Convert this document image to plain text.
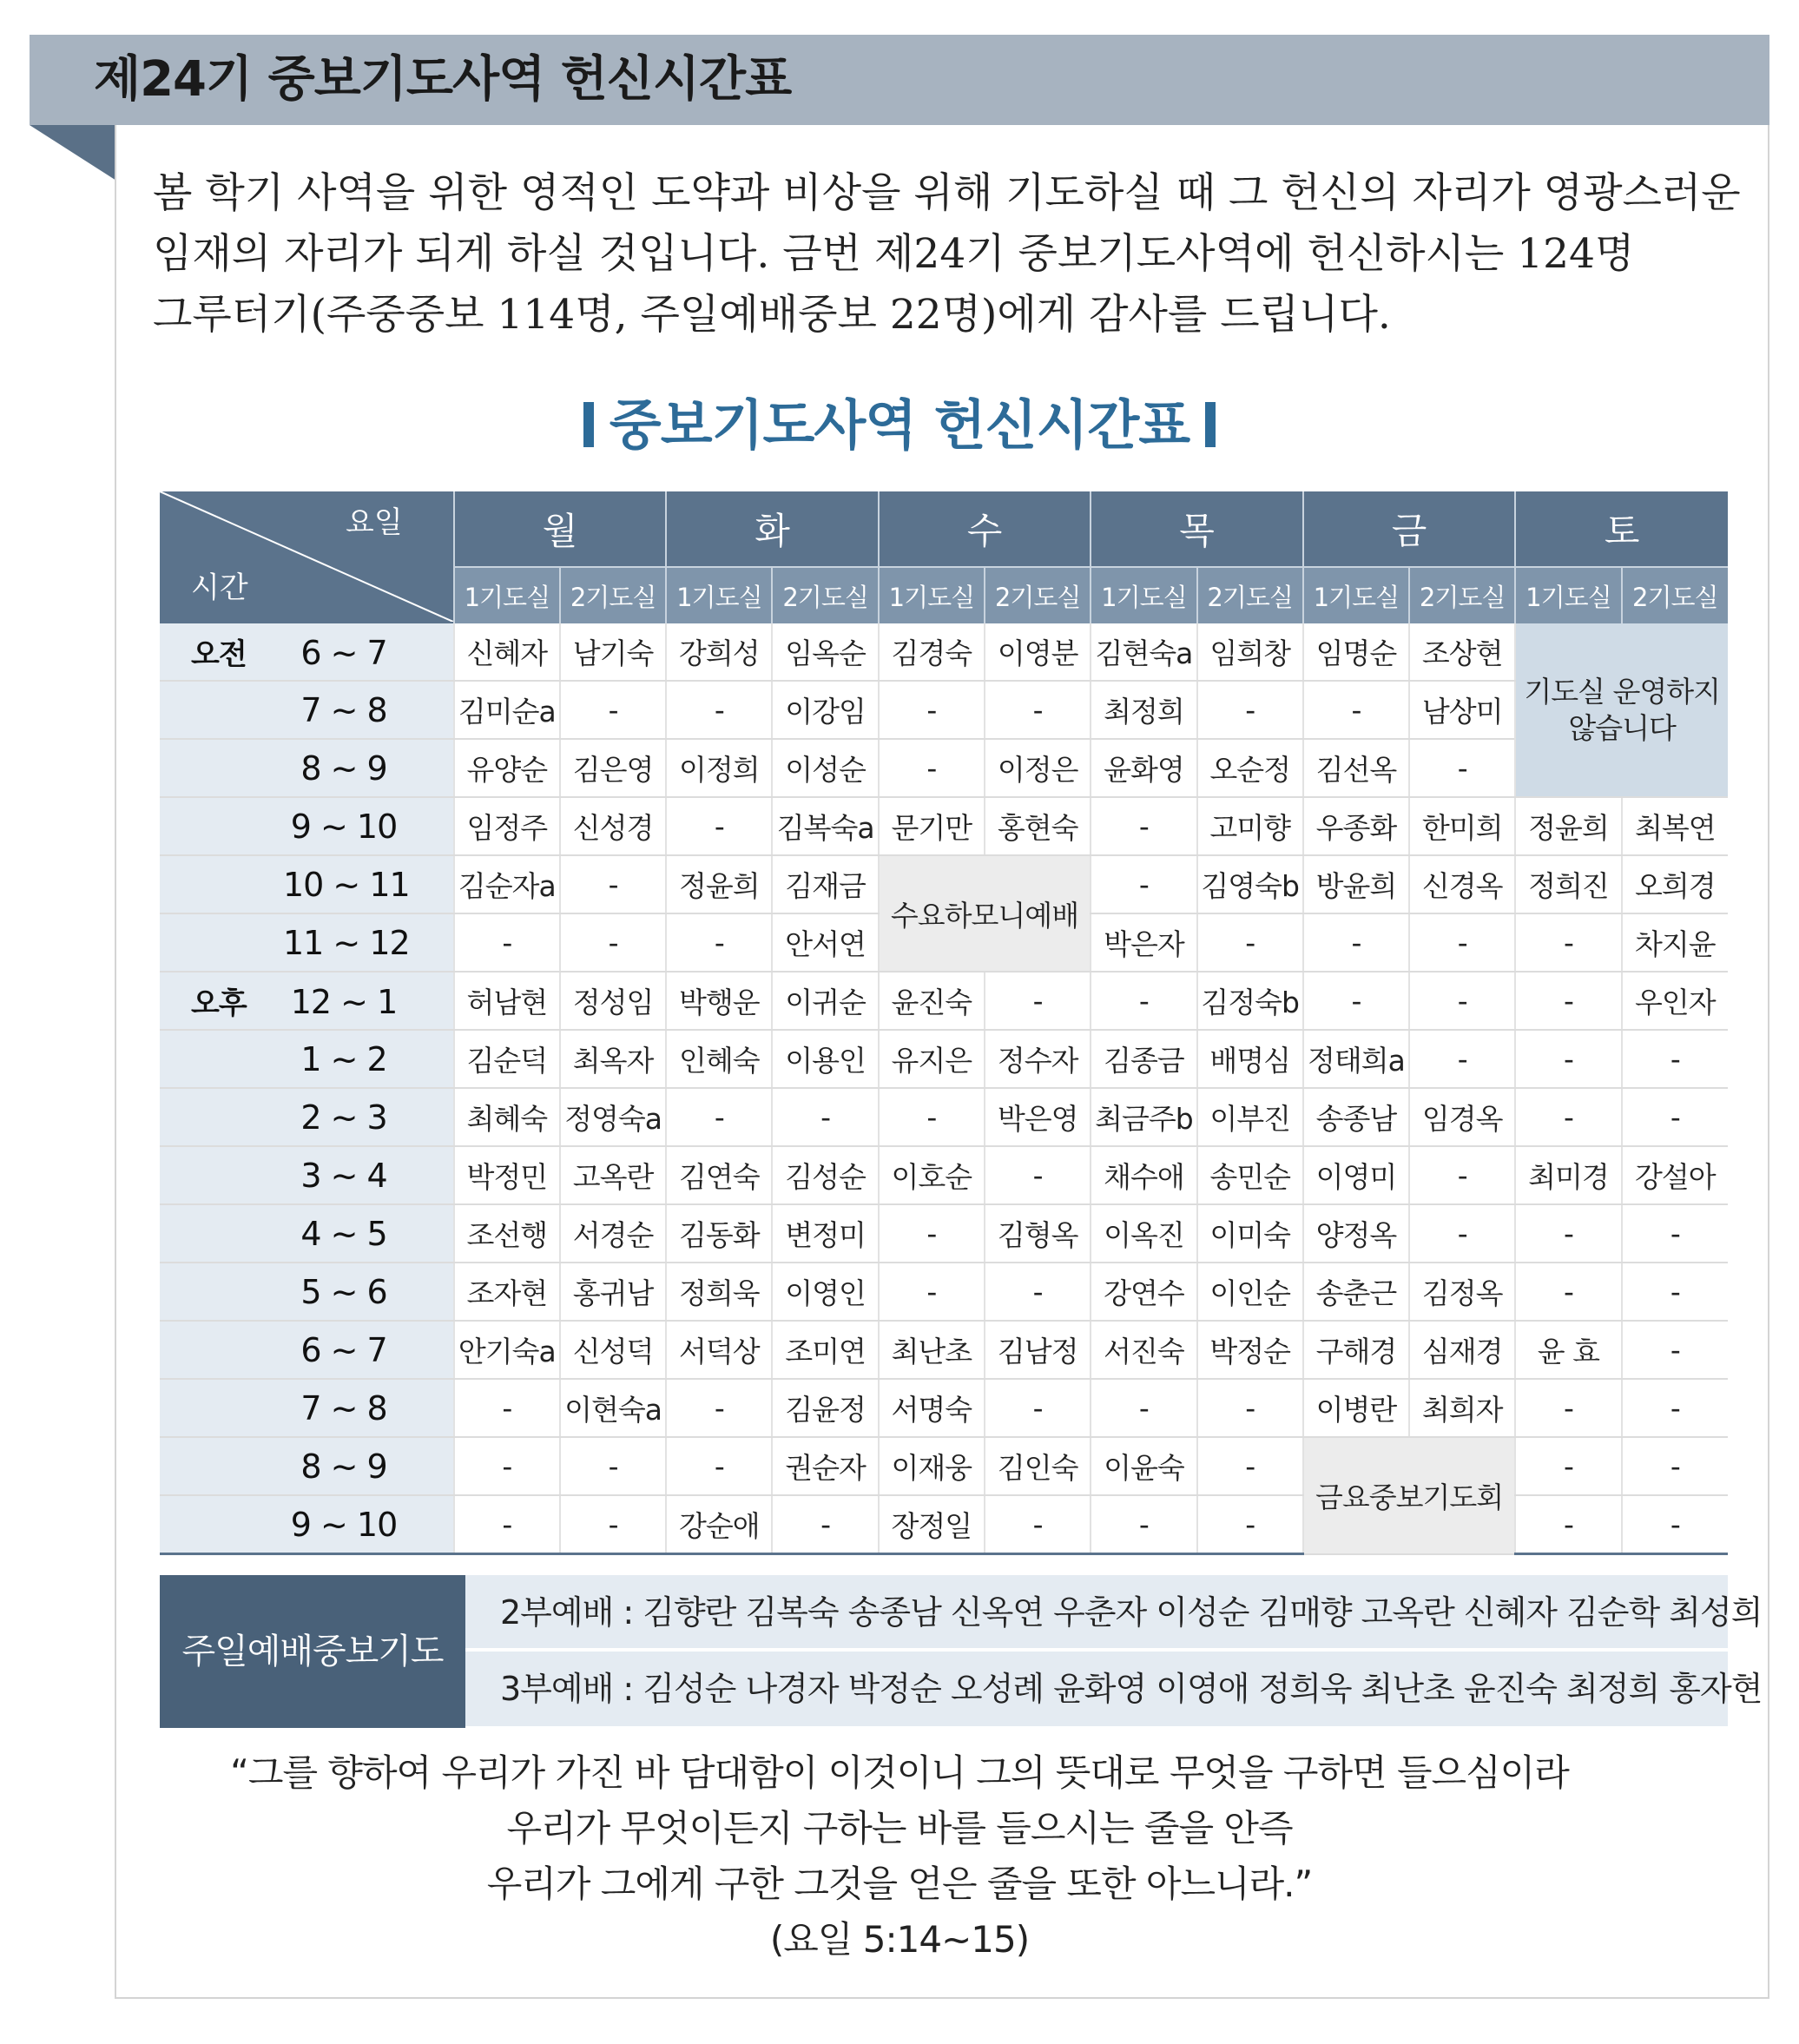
제24기 중보기도사역 헌신시간표
봄 학기 사역을 위한 영적인 도약과 비상을 위해 기도하실 때 그 헌신의 자리가 영광스러운
임재의 자리가 되게 하실 것입니다. 금번 제24기 중보기도사역에 헌신하시는 124명
그루터기(주중중보 114명, 주일예배중보 22명)에게 감사를 드립니다.
중보기도사역 헌신시간표
요일
시간	월		화		수		목		금		토	
	1기도실	2기도실	1기도실	2기도실	1기도실	2기도실	1기도실	2기도실	1기도실	2기도실	1기도실	2기도실
오전 6 ~ 7	신혜자	남기숙	강희성	임옥순	김경숙	이영분	김현숙a	임희창	임명순	조상현	기도실 운영하지 않습니다	
7 ~ 8	김미순a	-	-	이강임	-	-	최정희	-	-	남상미		
8 ~ 9	유양순	김은영	이정희	이성순	-	이정은	윤화영	오순정	김선옥	-		
9 ~ 10	임정주	신성경	-	김복숙a	문기만	홍현숙	-	고미향	우종화	한미희	정윤희	최복연
10 ~ 11	김순자a	-	정윤희	김재금	수요하모니예배		-	김영숙b	방윤희	신경옥	정희진	오희경
11 ~ 12	-	-	-	안서연			박은자	-	-	-	-	차지윤
오후 12 ~ 1	허남현	정성임	박행운	이귀순	윤진숙	-	-	김정숙b	-	-	-	우인자
1 ~ 2	김순덕	최옥자	인혜숙	이용인	유지은	정수자	김종금	배명심	정태희a	-	-	-
2 ~ 3	최혜숙	정영숙a	-	-	-	박은영	최금주b	이부진	송종남	임경옥	-	-
3 ~ 4	박정민	고옥란	김연숙	김성순	이호순	-	채수애	송민순	이영미	-	최미경	강설아
4 ~ 5	조선행	서경순	김동화	변정미	-	김형옥	이옥진	이미숙	양정옥	-	-	-
5 ~ 6	조자현	홍귀남	정희욱	이영인	-	-	강연수	이인순	송춘근	김정옥	-	-
6 ~ 7	안기숙a	신성덕	서덕상	조미연	최난초	김남정	서진숙	박정순	구해경	심재경	윤 효	-
7 ~ 8	-	이현숙a	-	김윤정	서명숙	-	-	-	이병란	최희자	-	-
8 ~ 9	-	-	-	권순자	이재웅	김인숙	이윤숙	-	금요중보기도회		-	-
9 ~ 10	-	-	강순애	-	장정일	-	-	-			-	-
주일예배중보기도
2부예배 : 김향란 김복숙 송종남 신옥연 우춘자 이성순 김매향 고옥란 신혜자 김순학 최성희
3부예배 : 김성순 나경자 박정순 오성례 윤화영 이영애 정희욱 최난초 윤진숙 최정희 홍자현
“그를 향하여 우리가 가진 바 담대함이 이것이니 그의 뜻대로 무엇을 구하면 들으심이라
우리가 무엇이든지 구하는 바를 들으시는 줄을 안즉
우리가 그에게 구한 그것을 얻은 줄을 또한 아느니라.”
(요일 5:14~15)
